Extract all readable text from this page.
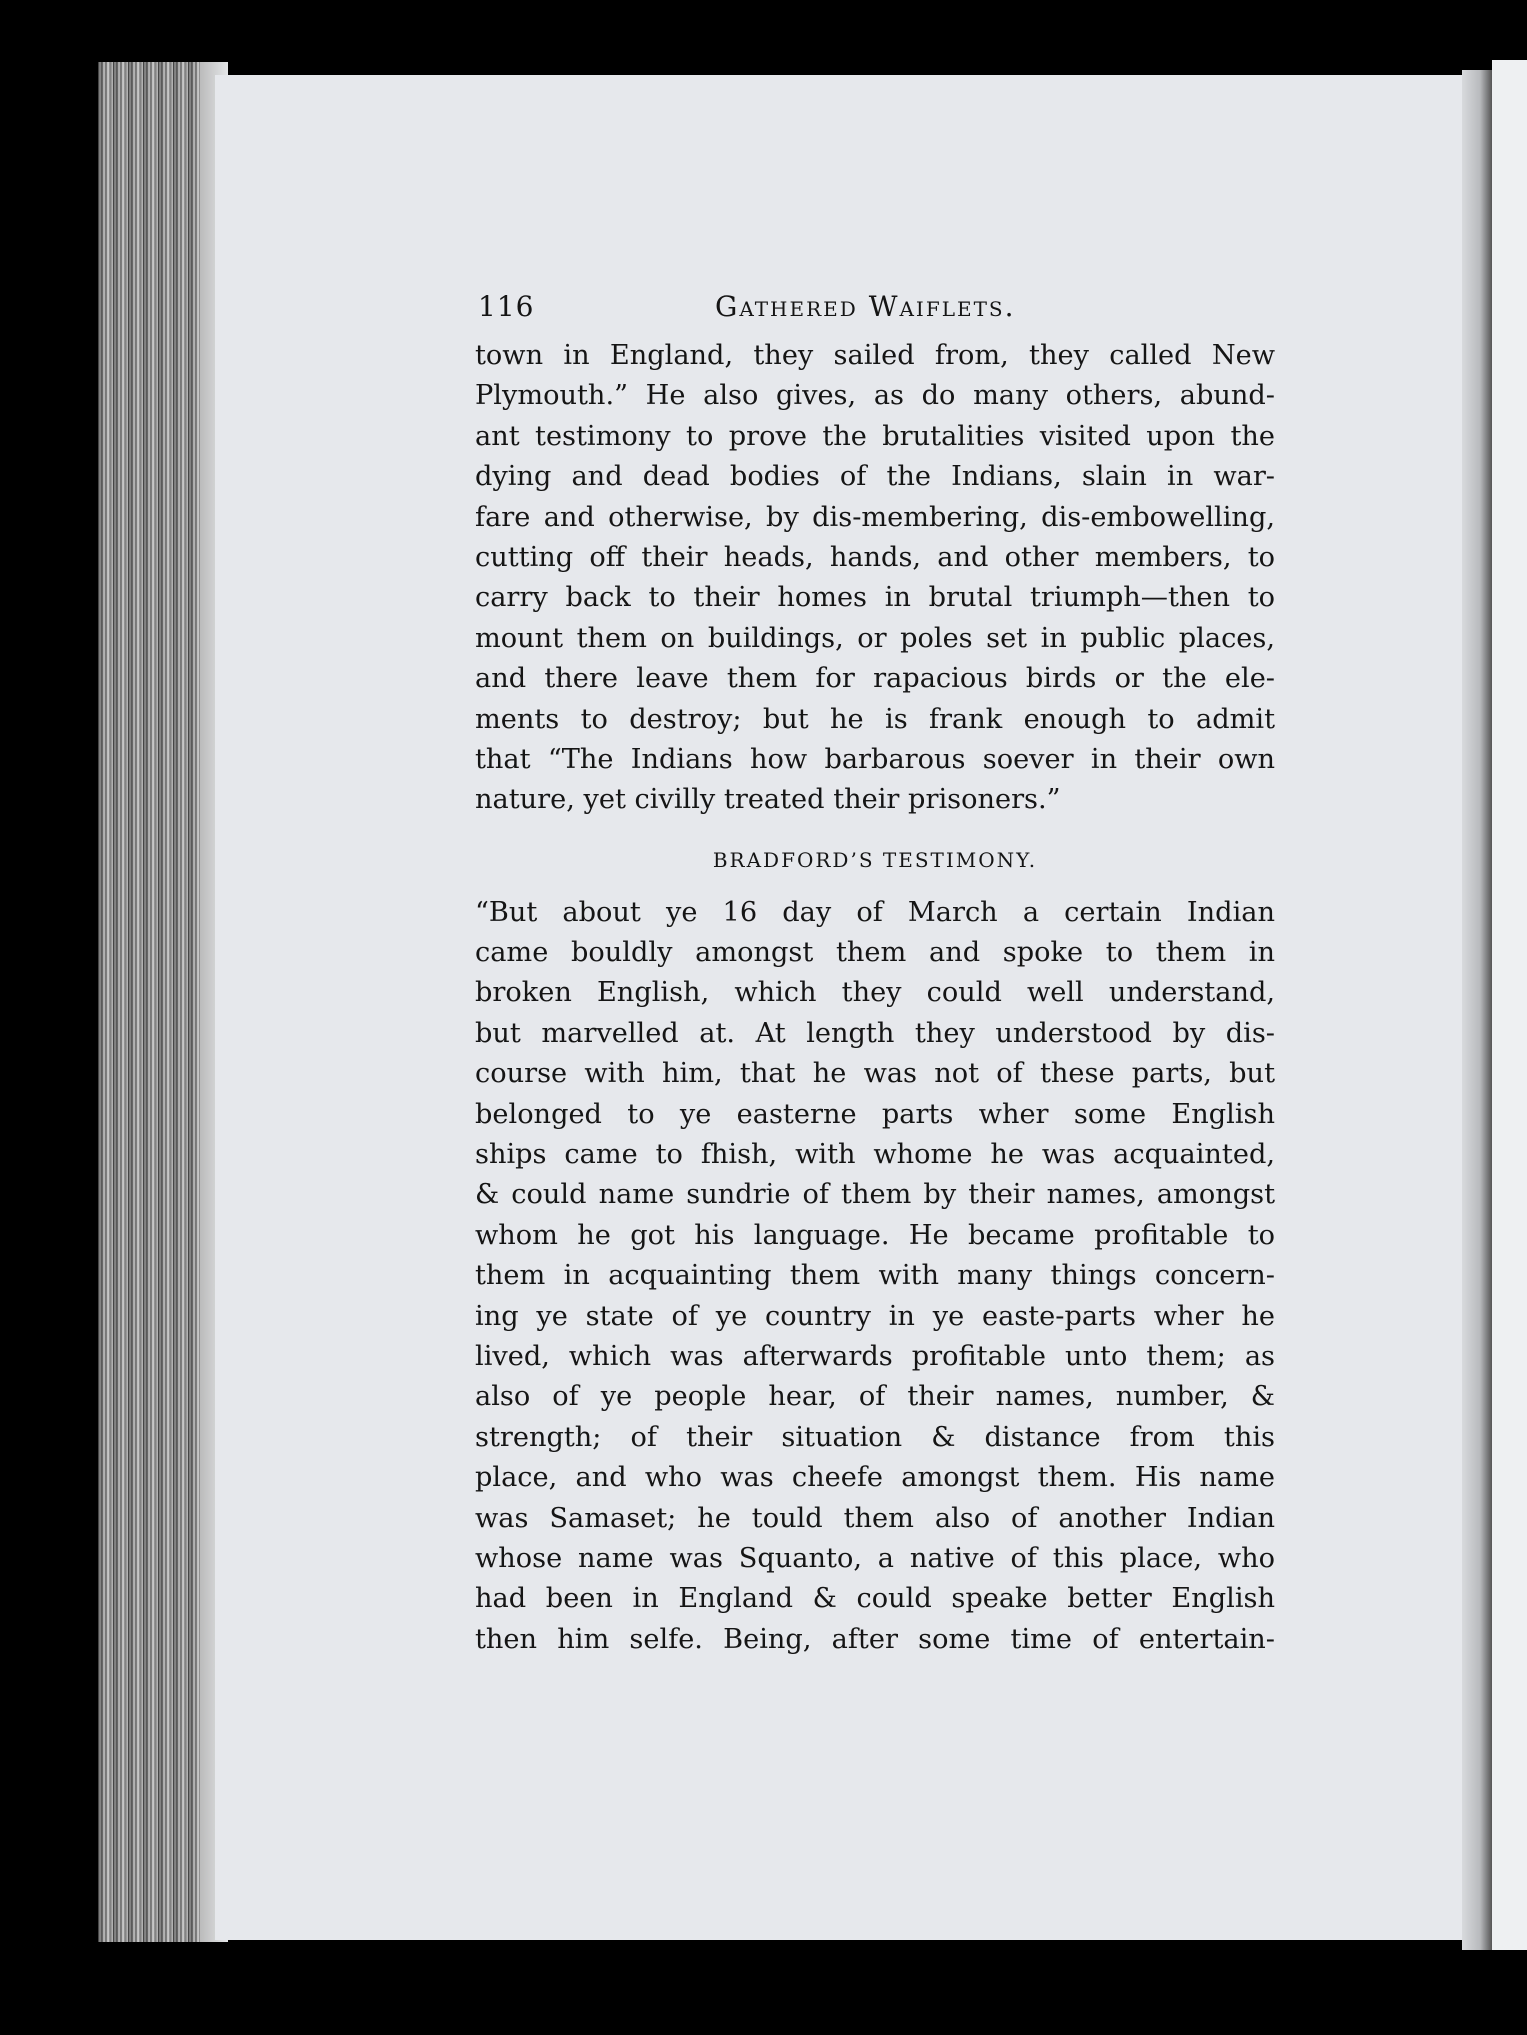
116	Gathered Waiflets.
town in England, they sailed from, they called New
Plymouth.” He also gives, as do many others, abund-
ant testimony to prove the brutalities visited upon the
dying and dead bodies of the Indians, slain in war-
fare and otherwise, by dis-membering, dis-embowelling,
cutting off their heads, hands, and other members, to
carry back to their homes in brutal triumph—then to
mount them on buildings, or poles set in public places,
and there leave them for rapacious birds or the ele-
ments to destroy; but he is frank enough to admit
that “The Indians how barbarous soever in their own
nature, yet civilly treated their prisoners.”
BRADFORD’S TESTIMONY.
“But about ye 16 day of March a certain Indian
came bouldly amongst them and spoke to them in
broken English, which they could well understand,
but marvelled at. At length they understood by dis-
course with him, that he was not of these parts, but
belonged to ye easterne parts wher some English
ships came to fhish, with whome he was acquainted,
& could name sundrie of them by their names, amongst
whom he got his language. He became profitable to
them in acquainting them with many things concern-
ing ye state of ye country in ye easte-parts wher he
lived, which was afterwards profitable unto them; as
also of ye people hear, of their names, number, &
strength; of their situation & distance from this
place, and who was cheefe amongst them. His name
was Samaset; he tould them also of another Indian
whose name was Squanto, a native of this place, who
had been in England & could speake better English
then him selfe. Being, after some time of entertain-
